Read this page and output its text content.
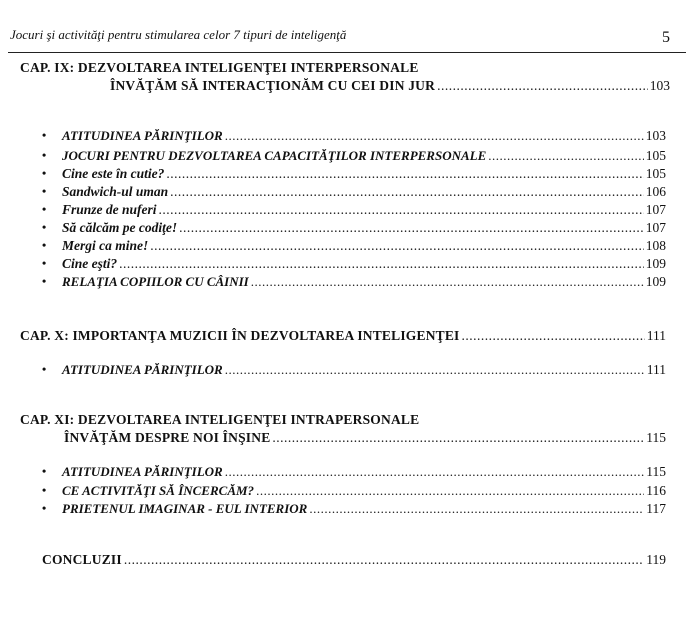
Jocuri şi activităţi pentru stimularea celor 7 tipuri de inteligenţă	5
CAP. IX: DEZVOLTAREA INTELIGENŢEI INTERPERSONALE
ÎNVĂŢĂM SĂ INTERACŢIONĂM CU CEI DIN JUR .....	103
• ATITUDINEA PĂRINŢILOR .....	103
• JOCURI PENTRU DEZVOLTAREA CAPACITĂŢILOR INTERPERSONALE .....	105
• Cine este în cutie? .....	105
• Sandwich-ul uman .....	106
• Frunze de nuferi .....	107
• Să călcăm pe codiţe! .....	107
• Mergi ca mine! .....	108
• Cine eşti? .....	109
• RELAŢIA COPIILOR CU CÂINII .....	109
CAP. X: IMPORTANŢA MUZICII ÎN DEZVOLTAREA INTELIGENŢEI .....	111
• ATITUDINEA PĂRINŢILOR .....	111
CAP. XI: DEZVOLTAREA INTELIGENŢEI INTRAPERSONALE
ÎNVĂŢĂM DESPRE NOI ÎNŞINE .....	115
• ATITUDINEA PĂRINŢILOR .....	115
• CE ACTIVITĂŢI SĂ ÎNCERCĂM? .....	116
• PRIETENUL IMAGINAR - EUL INTERIOR .....	117
CONCLUZII .....	119
